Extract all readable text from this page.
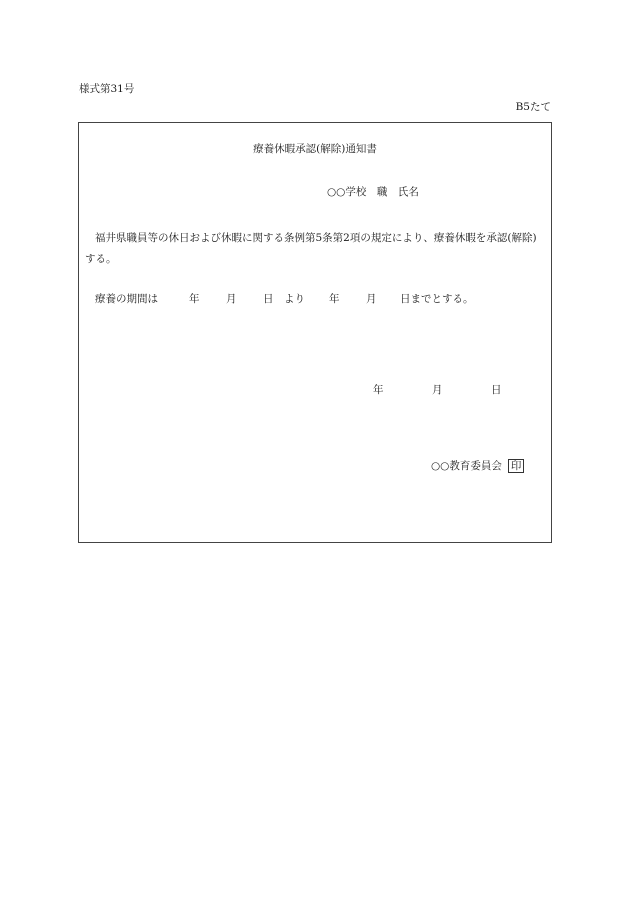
様式第31号
B5たて
療養休暇承認(解除)通知書
○○学校　職　氏名
福井県職員等の休日および休暇に関する条例第5条第2項の規定により、療養休暇を承認(解除)する。
療養の期間は	年	月	日 より 年	月 日までとする。
年	月	日
○○教育委員会 印
